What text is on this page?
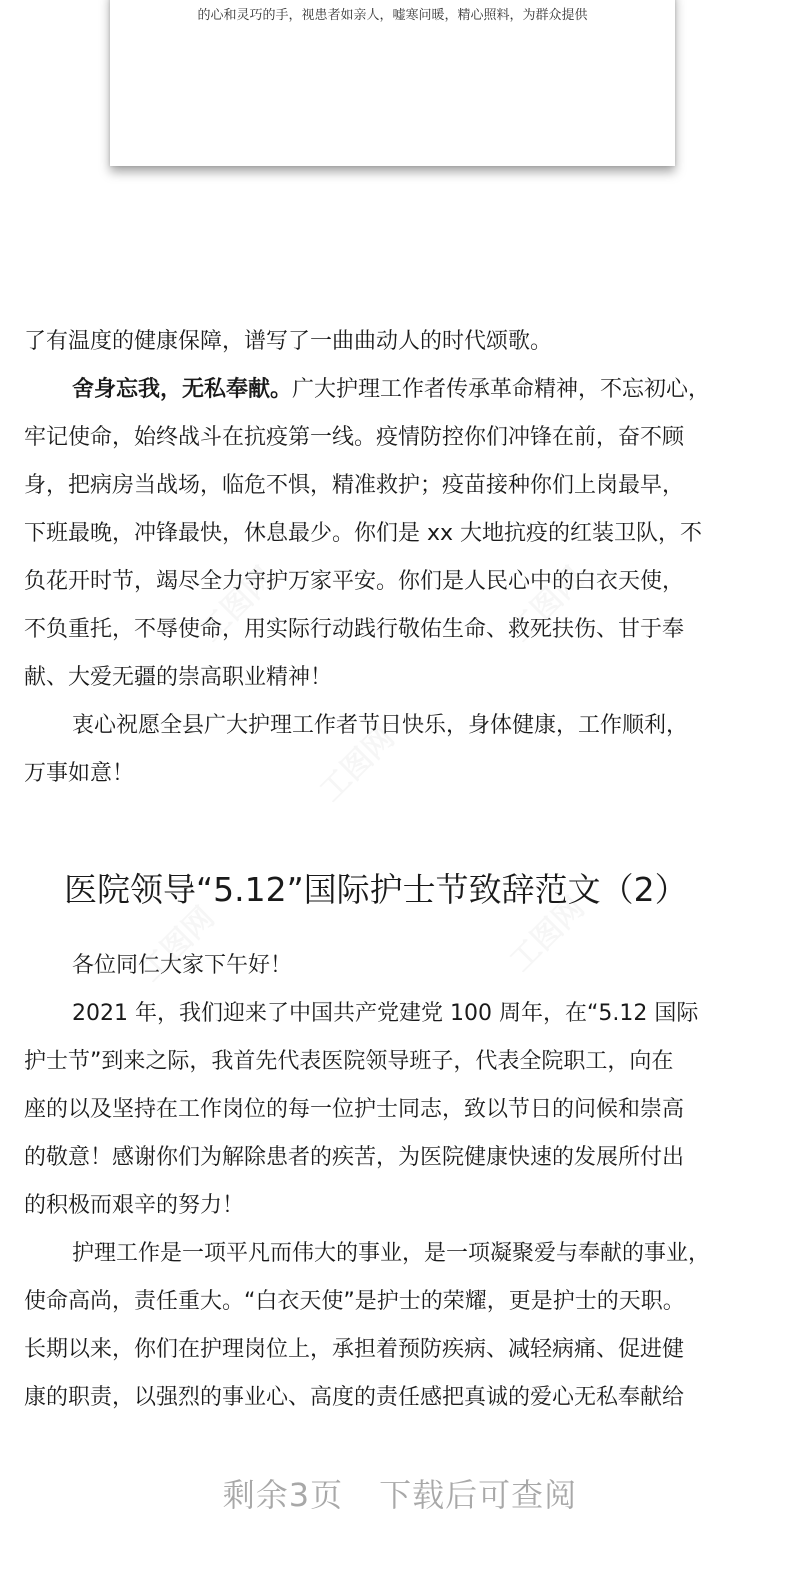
的心和灵巧的手，视患者如亲人，嘘寒问暖，精心照料，为群众提供

了有温度的健康保障，谱写了一曲曲动人的时代颂歌。

舍身忘我，无私奉献。广大护理工作者传承革命精神，不忘初心，

牢记使命，始终战斗在抗疫第一线。疫情防控你们冲锋在前，奋不顾

身，把病房当战场，临危不惧，精准救护；疫苗接种你们上岗最早，

下班最晚，冲锋最快，休息最少。你们是 xx 大地抗疫的红装卫队，不

负花开时节，竭尽全力守护万家平安。你们是人民心中的白衣天使，

不负重托，不辱使命，用实际行动践行敬佑生命、救死扶伤、甘于奉

献、大爱无疆的崇高职业精神！

衷心祝愿全县广大护理工作者节日快乐，身体健康，工作顺利，

万事如意！

医院领导“5.12”国际护士节致辞范文（2）

各位同仁大家下午好！

2021 年，我们迎来了中国共产党建党 100 周年，在“5.12 国际

护士节”到来之际，我首先代表医院领导班子，代表全院职工，向在

座的以及坚持在工作岗位的每一位护士同志，致以节日的问候和崇高

的敬意！感谢你们为解除患者的疾苦，为医院健康快速的发展所付出

的积极而艰辛的努力！

护理工作是一项平凡而伟大的事业，是一项凝聚爱与奉献的事业，

使命高尚，责任重大。“白衣天使”是护士的荣耀，更是护士的天职。

长期以来，你们在护理岗位上，承担着预防疾病、减轻病痛、促进健

康的职责，以强烈的事业心、高度的责任感把真诚的爱心无私奉献给

剩余3页 下载后可查阅
